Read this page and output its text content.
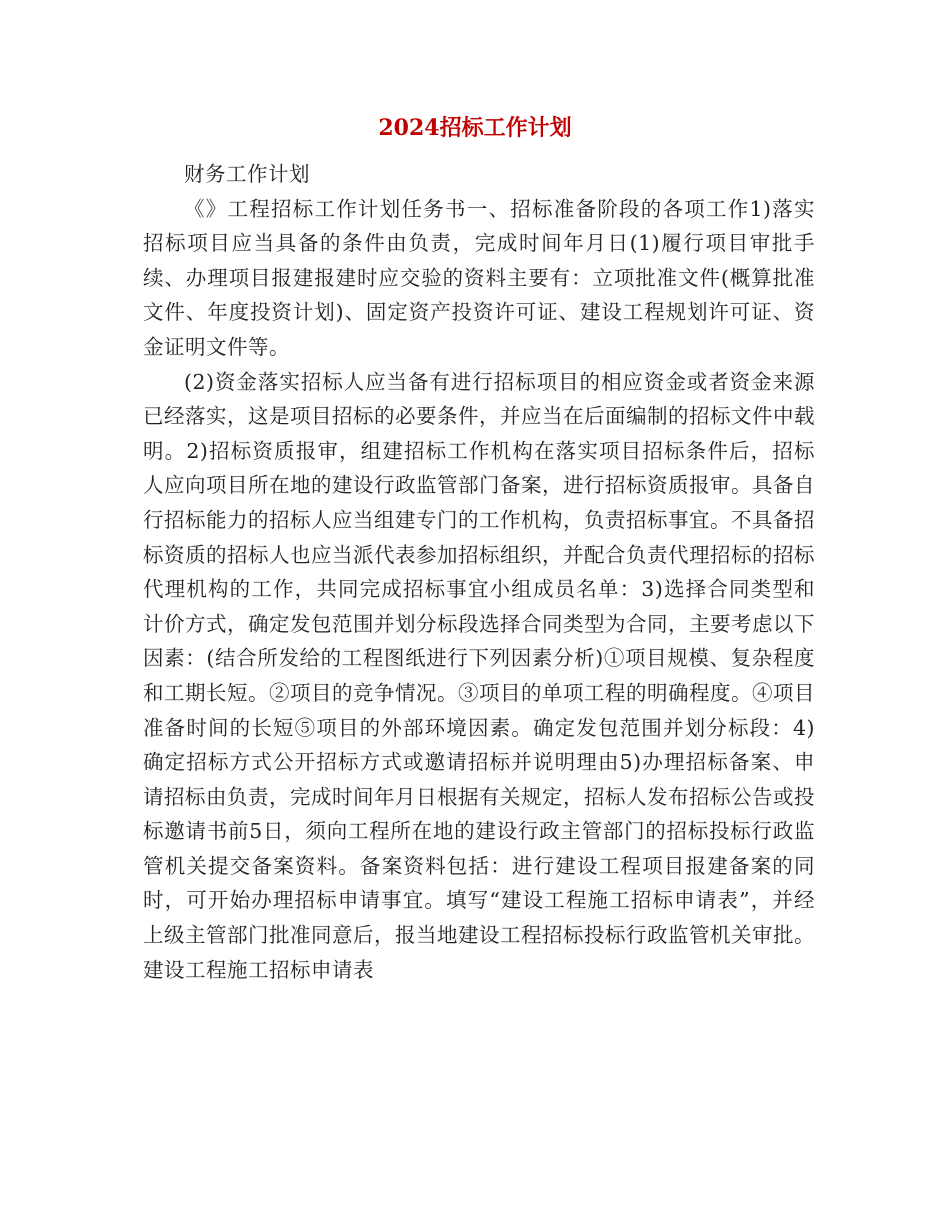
2024招标工作计划

财务工作计划

《》工程招标工作计划任务书一、招标准备阶段的各项工作1)落实招标项目应当具备的条件由负责，完成时间年月日(1)履行项目审批手续、办理项目报建报建时应交验的资料主要有：立项批准文件(概算批准文件、年度投资计划)、固定资产投资许可证、建设工程规划许可证、资金证明文件等。

(2)资金落实招标人应当备有进行招标项目的相应资金或者资金来源已经落实，这是项目招标的必要条件，并应当在后面编制的招标文件中载明。2)招标资质报审，组建招标工作机构在落实项目招标条件后，招标人应向项目所在地的建设行政监管部门备案，进行招标资质报审。具备自行招标能力的招标人应当组建专门的工作机构，负责招标事宜。不具备招标资质的招标人也应当派代表参加招标组织，并配合负责代理招标的招标代理机构的工作，共同完成招标事宜小组成员名单：3)选择合同类型和计价方式，确定发包范围并划分标段选择合同类型为合同，主要考虑以下因素：(结合所发给的工程图纸进行下列因素分析)①项目规模、复杂程度和工期长短。②项目的竞争情况。③项目的单项工程的明确程度。④项目准备时间的长短⑤项目的外部环境因素。确定发包范围并划分标段：4)确定招标方式公开招标方式或邀请招标并说明理由5)办理招标备案、申请招标由负责，完成时间年月日根据有关规定，招标人发布招标公告或投标邀请书前5日，须向工程所在地的建设行政主管部门的招标投标行政监管机关提交备案资料。备案资料包括：进行建设工程项目报建备案的同时，可开始办理招标申请事宜。填写“建设工程施工招标申请表”，并经上级主管部门批准同意后，报当地建设工程招标投标行政监管机关审批。建设工程施工招标申请表
